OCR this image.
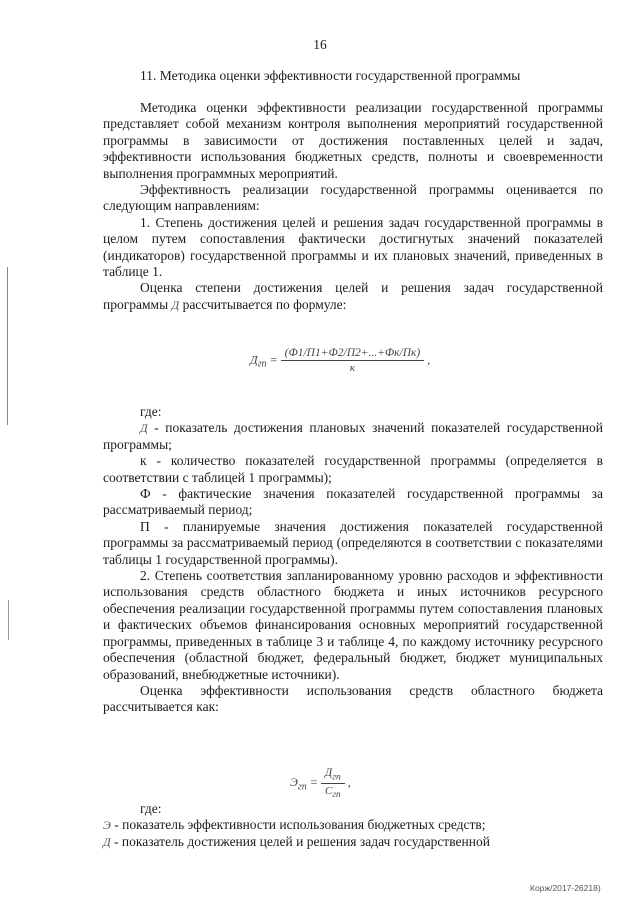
16
11. Методика оценки эффективности государственной программы

Методика оценки эффективности реализации государственной программы представляет собой механизм контроля выполнения мероприятий государственной программы в зависимости от достижения поставленных целей и задач, эффективности использования бюджетных средств, полноты и своевременности выполнения программных мероприятий.

Эффективность реализации государственной программы оценивается по следующим направлениям:

1. Степень достижения целей и решения задач государственной программы в целом путем сопоставления фактически достигнутых значений показателей (индикаторов) государственной программы и их плановых значений, приведенных в таблице 1.

Оценка степени достижения целей и решения задач государственной программы Д рассчитывается по формуле:

$Д_{гп} = \frac{(Ф1/П1+Ф2/П2+...+Фк/Пк)}{к}$ ,

где:

Д - показатель достижения плановых значений показателей государственной программы;

к - количество показателей государственной программы (определяется в соответствии с таблицей 1 программы);

Ф - фактические значения показателей государственной программы за рассматриваемый период;

П - планируемые значения достижения показателей государственной программы за рассматриваемый период (определяются в соответствии с показателями таблицы 1 государственной программы).

2. Степень соответствия запланированному уровню расходов и эффективности использования средств областного бюджета и иных источников ресурсного обеспечения реализации государственной программы путем сопоставления плановых и фактических объемов финансирования основных мероприятий государственной программы, приведенных в таблице 3 и таблице 4, по каждому источнику ресурсного обеспечения (областной бюджет, федеральный бюджет, бюджет муниципальных образований, внебюджетные источники).

Оценка эффективности использования средств областного бюджета рассчитывается как:

$Э_{гп} = \frac{Д_{гп}}{С_{гп}}$ ,

где:

Э - показатель эффективности использования бюджетных средств;

Д - показатель достижения целей и решения задач государственной

Корж/2017-26218)
